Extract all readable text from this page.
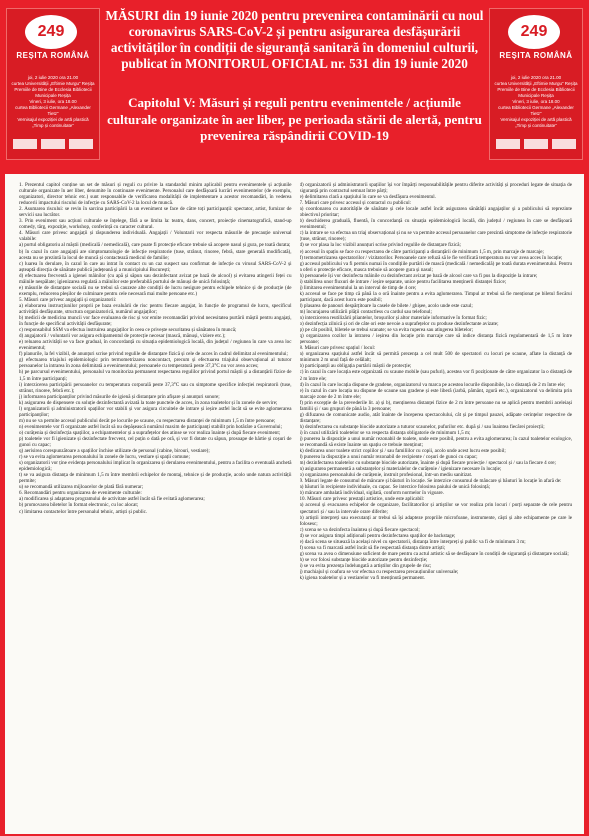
249
REȘITA ROMÂNĂ
joi, 2 iulie 2020 ora 21.00
curtea Universității „Eftimie Murgu” Reșița
Premiile de Bine de Ecclesia Bibliotecii Municipale Reșița
Vineri, 3 iulie, ora 18.00
curtea Bibliotecii Germane „Alexander Tietz”
Vernisajul expoziției de artă plastică
„Timp și continuitate”
MĂSURI din 19 iunie 2020 pentru prevenirea contaminării cu noul coronavirus SARS-CoV-2 și pentru asigurarea desfășurării activităților în condiții de siguranță sanitară în domeniul culturii, publicat în MONITORUL OFICIAL nr. 531 din 19 iunie 2020
Capitolul V: Măsuri și reguli pentru evenimentele / acțiunile culturale organizate în aer liber, pe perioada stării de alertă, pentru prevenirea răspândirii COVID-19
249
REȘITA ROMÂNĂ
joi, 2 iulie 2020 ora 21.00
curtea Universității „Eftimie Murgu” Reșița
Premiile de Bine de Ecclesia Bibliotecii Municipale Reșița
Vineri, 3 iulie, ora 18.00
curtea Bibliotecii Germane „Alexander Tietz”
Vernisajul expoziției de artă plastică
„Timp și continuitate”

1. Prezentul capitol conține un set de măsuri și reguli cu privire la standardul minim aplicabil pentru evenimentele și acțiunile culturale organizate în aer liber, denumite în continuare evenimente. Personalul care desfășoară lucrări evenimentelor (de exemplu, organizatori, director tehnic etc.) sunt responsabile de verificarea modalității de implementare a acestor recomandări, în vederea reducerii impactului riscului de infecție cu SARS-CoV-2 la locul de muncă.

2. Asumarea riscului: se revin în sarcina participării la un eveniment se face de către toți participanții: spectator, artist, furnizor de servicii sau lucrător.

3. Prin eveniment sau acțiuni culturale se înțelege, fără a se limita la: teatru, dans, concert, proiecție cinematografică, stand-up comedy, târg, expoziție, workshop, conferință cu caracter cultural.

4. Măsuri care privesc angajații și răspunderea individuală. Angajații / Voluntarii vor respecta măsurile de precauție universal valabile:

a) portul obligatoriu al măștii (medicală / nemedicală), care poate fi protecție eficace trebuie să acopere nasul și gura, pe toată durata;

b) în cazul în care angajații are simptomatologie de infecție respiratorie (tuse, strănut, rinoree, febră, stare generală modificată), acesta nu se prezintă la locul de muncă și contactează medicul de familie;

c) luarea în derulare, în cazul în care au intrat în contact cu un caz suspect sau confirmat de infecție cu virusul SARS-CoV-2 și așteaptă direcția de sănătate publică județeană și a municipiului București;

d) efectuarea frecventă a igienei mâinilor (cu apă și săpun sau dezinfectant avizat pe bază de alcool) și evitarea atingerii feței cu mâinile nespălate; igienizarea regulată a mâinilor este preferabilă portului de mănuși de unică folosință;

e) măsurile de distanțare socială nu se trebui să cauzeze alte condiții de lucru nesigure pentru echipele tehnice și de producție (de exemplu, reducerea pleșilor de culminare pentru cele necesară mai multe persoane etc.)

5. Măsuri care privesc angajații și organizatorii:

a) elaborarea instrucțiunilor proprii pe baza evaluării de risc pentru fiecare angajat, în funcție de programul de lucru, specificul activității desfășurate, structura organizatorică, numărul angajaților;

b) medicii de medicina muncii vor face evaluarea de risc și vor emite recomandări privind necesitatea purtării măștii pentru angajați, în funcție de specificul activității desfășurate;

c) responsabilul SSM va efectua instruirea angajaților în ceea ce privește securitatea și sănătatea în muncă;

d) angajatorii / voluntarii vor asigura echipamentul de protecție necesar (mască, mănuși, viziere etc.);

e) reluarea activității se va face gradual, în concordanță cu situația epidemiologică locală, din județul / regiunea în care va avea loc evenimentul;

f) planurile, la fel vizibil, de anunțuri scrise privind regulile de distanțare fizică și cele de acces în cadrul delimitat al evenimentului;

g) efectuarea triajului epidemiologic prin termometrizarea noncontact, precum și efectuarea triajului observațional al tuturor persoanelor la intrarea în zona delimitată a evenimentului; persoanele cu temperatură peste 37,3°C nu vor avea acces;

h) pe parcursul evenimentului, personalul va monitoriza permanent respectarea regulilor privind portul măștii și a distanțării fizice de 1,5 m între participanți;

i) interzicerea participării persoanelor cu temperatura corporală peste 37,3°C sau cu simptome specifice infecției respiratorii (tuse, strănut, rinoree, febră etc.);

j) informarea participanților privind măsurile de igienă și distanțare prin afișare și anunțuri sonore;

k) asigurarea de dispensere cu soluție dezinfectantă avizată la toate punctele de acces, în zona toaletelor și în zonele de servire;

l) organizatorii și administratorii spațiilor vor stabili și vor asigura circuitele de intrare și ieșire astfel încât să se evite aglomerarea participanților;

m) nu se va permite accesul publicului decât pe locurile pe scaune, cu respectarea distanței de minimum 1,5 m între persoane;

n) evenimentele vor fi organizate astfel încât să nu depășească numărul maxim de participanți stabilit prin hotărâre a Guvernului;

o) curățenia și dezinfecția spațiilor, a echipamentelor și a suprafețelor des atinse se vor realiza înainte și după fiecare eveniment;

p) toaletele vor fi igienizate și dezinfectate frecvent, cel puțin o dată pe oră, și vor fi dotate cu săpun, prosoape de hârtie și coșuri de gunoi cu capac;

q) aerisirea corespunzătoare a spațiilor închise utilizate de personal (cabine, birouri, vestiare);

r) se va evita aglomerarea personalului în zonele de lucru, vestiare și spații comune;

s) organizatorii vor ține evidența personalului implicat în organizarea și derularea evenimentului, pentru a facilita o eventuală anchetă epidemiologică;

t) se va asigura distanța de minimum 1,5 m între membrii echipelor de montaj, tehnice și de producție, acolo unde natura activității permite;

u) se recomandă utilizarea mijloacelor de plată fără numerar;

6. Recomandări pentru organizarea de evenimente culturale:

a) modificarea și adaptarea programului de activitate astfel încât să fie evitată aglomerarea;

b) promovarea biletelor în format electronic, cu loc alocat;

c) limitarea contactelor între personalul tehnic, artiști și public.

d) organizatorii și administratorii spațiilor își vor împărți responsabilitățile pentru diferite activități și proceduri legate de situația de siguranță prin contractul semnat între părți;

e) delimitarea clară a spațiului în care se va desfășura evenimentul.

7. Măsuri care privesc accesul și contactul cu publicul:

a) coordonarea cu autoritățile de sănătate și cele locale astfel încât asigurarea sănătății angajaților și a publicului să reprezinte obiectivul prioritar;

b) deschiderea graduală, fluentă, în concordanță cu situația epidemiologică locală, din județul / regiunea în care se desfășoară evenimentul;

c) la intrare se va efectua un triaj observațional și nu se va permite accesul persoanelor care prezintă simptome de infecție respiratorie (tuse, strănut, rinoree);

d) se vor plasa la loc vizibil anunțuri scrise privind regulile de distanțare fizică;

e) accesul în spațiu se face cu respectarea de către participanți a distanțării de minimum 1,5 m, prin marcaje de marcaje;

f) termometrizarea spectatorilor / vizitatorilor. Persoanele care refuză să le fie verificată temperatura nu vor avea acces în locație;

g) accesul publicului va fi permis numai în condițiile purtării de mască (medicală / nemedicală) pe toată durata evenimentului. Pentru a oferi o protecție eficace, masca trebuie să acopere gura și nasul;

h) persoanele își vor dezinfecta mâinile cu dezinfectant avizat pe bază de alcool care va fi pus la dispoziție la intrare;

i) stabilirea unor fluxuri de intrare / ieșire separate, unice pentru facilitarea menținerii distanței fizice;

j) limitarea evenimentului la un interval de timp de 4 ore;

k) accesul se face pe timp că până la o oră înainte pentru a evita aglomerarea. Timpul ar trebui să fie menționat pe biletul fiecărui participant, dacă acest lucru este posibil;

l) plasarea de panouri despărțitoare la casele de bilete / ghișee, acolo unde este cazul;

m) încurajarea utilizării plății contactless cu cardul sau telefonul;

n) interzicerea reutilizării pliantelor, broșurilor și altor materiale informative în format fizic;

o) dezinfecția zilnică și ori de câte ori este nevoie a suprafețelor cu produse dezinfectante avizate;

p) pe cât posibil, biletele se trebui scanate; se va evita ruperea sau atingerea biletelor;

q) organizarea cozilor la intrarea / ieșirea din locație prin marcaje care să indice distanța fizică regulamentară de 1,5 m între persoane;

8. Măsuri care privesc spațiul / locul:

a) organizarea spațiului astfel încât să permită prezența a cel mult 500 de spectatori cu locuri pe scaune, aflate la distanță de minimum 2 m unul față de celălalt;

b) participanții au obligația purtării măștii de protecție;

c) în cazul în care locația este organizată cu scaune mobile (sau pufuri), acestea vor fi poziționate de către organizator la o distanță de 2 m între ele;

d) în cazul în care locația dispune de gradene, organizatorul va marca pe acestea locurile disponibile, la o distanță de 2 m între ele;

e) în cazul în care locația nu dispune de scaune sau gradene și este liberă (iarbă, pământ, zgură etc.), organizatorul va delimita prin marcaje zone de 2 m între ele;

f) prin excepție de la prevederile lit. a) și b), menținerea distanței fizice de 2 m între persoane nu se aplică pentru membrii aceleiași familii și / sau grupuri de până la 3 persoane;

g) difuzarea de comunicate audio, atât înainte de începerea spectacolului, cât și pe timpul pauzei, adăpate cerințelor respective de distanțare;

h) dezinfectarea cu substanțe biocide autorizate a tuturor scaunelor, pufurilor etc. după și / sau înaintea fiecărei proiecții;

i) în cazul utilizării toaletelor se va respecta distanța obligatorie de minimum 1,5 m;

j) punerea la dispoziție a unui număr rezonabil de toalete, unde este posibil, pentru a evita aglomerarea; în cazul toaletelor ecologice, se recomandă să existe înainte un spațiu ce trebuie menținut;

k) dedicarea unor toalete strict copiilor și / sau familiilor cu copii, acolo unde acest lucru este posibil;

l) punerea la dispoziție a unui număr rezonabil de recipiente / coșuri de gunoi cu capac;

m) dezinfectarea toaletelor cu substanțe biocide autorizate, înainte și după fiecare proiecție / spectacol și / sau la fiecare 4 ore;

n) asigurarea permanentă a substanțelor și materialelor de curățenie / igienizare necesare în locație;

o) organizarea personalului de curățenie, instruit profesional, într-un mediu sanitizat.

9. Măsuri legate de consumul de mâncare și băuturi în locație. Se interzice consumul de mâncare și băuturi în locație în afară de:

a) băuturi în recipiente individuale, cu capac. Se interzice folosirea paiului de unică folosință;

b) mâncare ambalată individual, sigilată, conform normelor în vigoare.

10. Măsuri care privesc prestații artistice, unde este aplicabil:

a) accesul și evacuarea echipelor de organizare, facilitatorilor și artiștilor se vor realiza prin locuri / porți separate de cele pentru spectatori și / sau la intervale orare diferite;

b) artiștii interpreți sau executanți ar trebui să își adapteze propriile microfoane, instrumente, căști și alte echipamente pe care le folosesc;

c) scena se va dezinfecta înaintea și după fiecare spectacol;

d) se vor asigura timpi adiționali pentru dezinfectarea spațiilor de backstage;

e) dacă scena se situează la același nivel cu spectatorii, distanța între interpreți și public va fi de minimum 3 m;

f) scena va fi marcată astfel încât să fie respectată distanța dintre artiști;

g) scena va avea o dimensiune suficient de mare pentru ca actul artistic să se desfășoare în condiții de siguranță și distanțare socială;

h) se vor folosi substanțe biocide autorizate pentru dezinfecție;

i) se va evita prezența îndelungată a artiștilor din grupele de risc;

j) machiajul și coafura se vor efectua cu respectarea precauțiunilor universale;

k) igiena toaletelor și a vestiarelor va fi menținută permanent.
